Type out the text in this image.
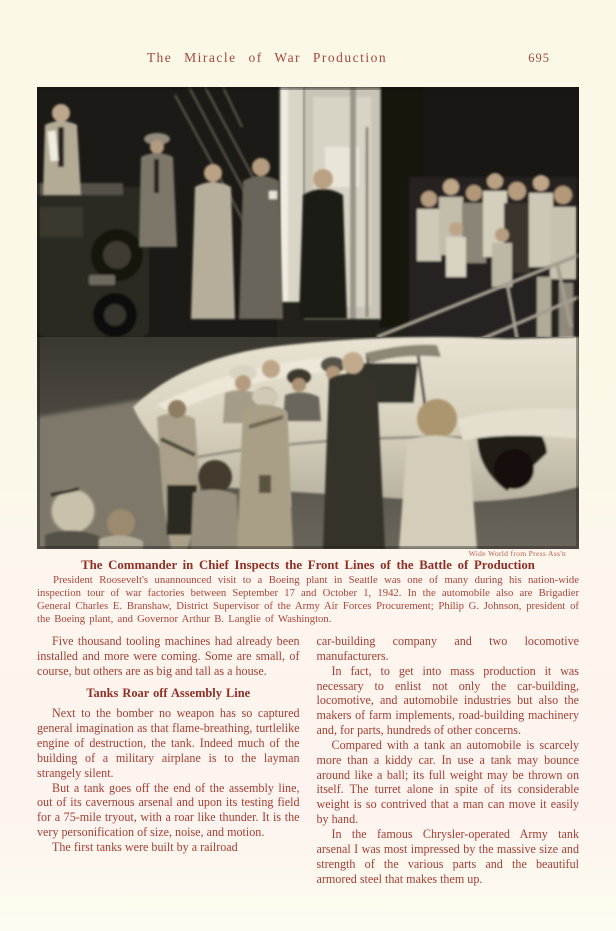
The Miracle of War Production	695
Wide World from Press Ass'n
The Commander in Chief Inspects the Front Lines of the Battle of Production

President Roosevelt's unannounced visit to a Boeing plant in Seattle was one of many during his nation-wide inspection tour of war factories between September 17 and October 1, 1942. In the automobile also are Brigadier General Charles E. Branshaw, District Supervisor of the Army Air Forces Procurement; Philip G. Johnson, president of the Boeing plant, and Governor Arthur B. Langlie of Washington.

Five thousand tooling machines had already been installed and more were coming. Some are small, of course, but others are as big and tall as a house.

Tanks Roar off Assembly Line

Next to the bomber no weapon has so captured general imagination as that flame-breathing, turtlelike engine of destruction, the tank. Indeed much of the building of a military airplane is to the layman strangely silent.

But a tank goes off the end of the assembly line, out of its cavernous arsenal and upon its testing field for a 75-mile tryout, with a roar like thunder. It is the very personification of size, noise, and motion.

The first tanks were built by a railroad

car-building company and two locomotive manufacturers.

In fact, to get into mass production it was necessary to enlist not only the car-building, locomotive, and automobile industries but also the makers of farm implements, road-building machinery and, for parts, hundreds of other concerns.

Compared with a tank an automobile is scarcely more than a kiddy car. In use a tank may bounce around like a ball; its full weight may be thrown on itself. The turret alone in spite of its considerable weight is so contrived that a man can move it easily by hand.

In the famous Chrysler-operated Army tank arsenal I was most impressed by the massive size and strength of the various parts and the beautiful armored steel that makes them up.
